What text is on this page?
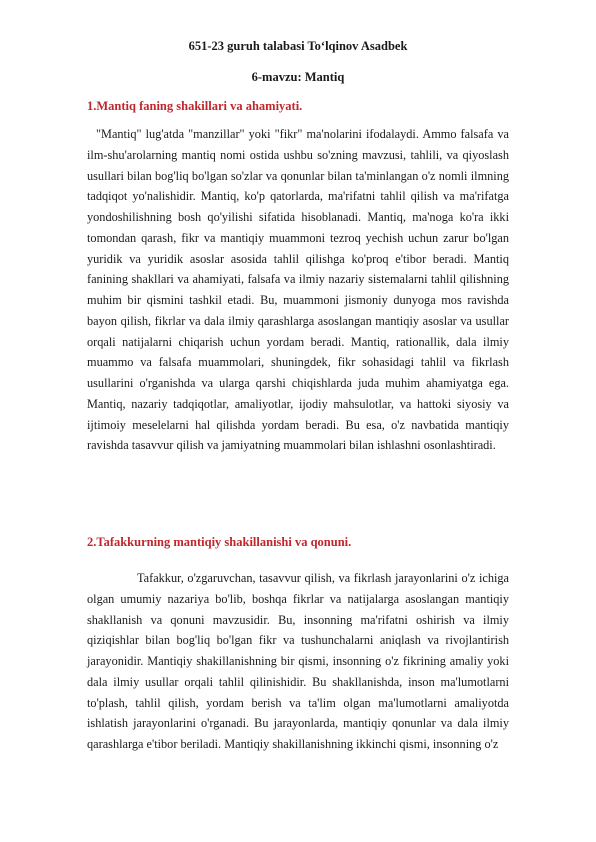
651-23 guruh talabasi To‘lqinov Asadbek
6-mavzu: Mantiq
1.Mantiq faning shakillari va ahamiyati.
"Mantiq" lug'atda "manzillar" yoki "fikr" ma'nolarini ifodalaydi. Ammo falsafa va ilm-shu'arolarning mantiq nomi ostida ushbu so'zning mavzusi, tahlili, va qiyoslash usullari bilan bog'liq bo'lgan so'zlar va qonunlar bilan ta'minlangan o'z nomli ilmning tadqiqot yo'nalishidir. Mantiq, ko'p qatorlarda, ma'rifatni tahlil qilish va ma'rifatga yondoshilishning bosh qo'yilishi sifatida hisoblanadi. Mantiq, ma'noga ko'ra ikki tomondan qarash, fikr va mantiqiy muammoni tezroq yechish uchun zarur bo'lgan yuridik va yuridik asoslar asosida tahlil qilishga ko'proq e'tibor beradi. Mantiq fanining shakllari va ahamiyati, falsafa va ilmiy nazariy sistemalarni tahlil qilishning muhim bir qismini tashkil etadi. Bu, muammoni jismoniy dunyoga mos ravishda bayon qilish, fikrlar va dala ilmiy qarashlarga asoslangan mantiqiy asoslar va usullar orqali natijalarni chiqarish uchun yordam beradi. Mantiq, rationallik, dala ilmiy muammo va falsafa muammolari, shuningdek, fikr sohasidagi tahlil va fikrlash usullarini o'rganishda va ularga qarshi chiqishlarda juda muhim ahamiyatga ega. Mantiq, nazariy tadqiqotlar, amaliyotlar, ijodiy mahsulotlar, va hattoki siyosiy va ijtimoiy meselelarni hal qilishda yordam beradi. Bu esa, o'z navbatida mantiqiy ravishda tasavvur qilish va jamiyatning muammolari bilan ishlashni osonlashtiradi.
2.Tafakkurning mantiqiy shakillanishi va qonuni.
Tafakkur, o'zgaruvchan, tasavvur qilish, va fikrlash jarayonlarini o'z ichiga olgan umumiy nazariya bo'lib, boshqa fikrlar va natijalarga asoslangan mantiqiy shakllanish va qonuni mavzusidir. Bu, insonning ma'rifatni oshirish va ilmiy qiziqishlar bilan bog'liq bo'lgan fikr va tushunchalarni aniqlash va rivojlantirish jarayonidir. Mantiqiy shakillanishning bir qismi, insonning o'z fikrining amaliy yoki dala ilmiy usullar orqali tahlil qilinishidir. Bu shakllanishda, inson ma'lumotlarni to'plash, tahlil qilish, yordam berish va ta'lim olgan ma'lumotlarni amaliyotda ishlatish jarayonlarini o'rganadi. Bu jarayonlarda, mantiqiy qonunlar va dala ilmiy qarashlarga e'tibor beriladi. Mantiqiy shakillanishning ikkinchi qismi, insonning o'z
